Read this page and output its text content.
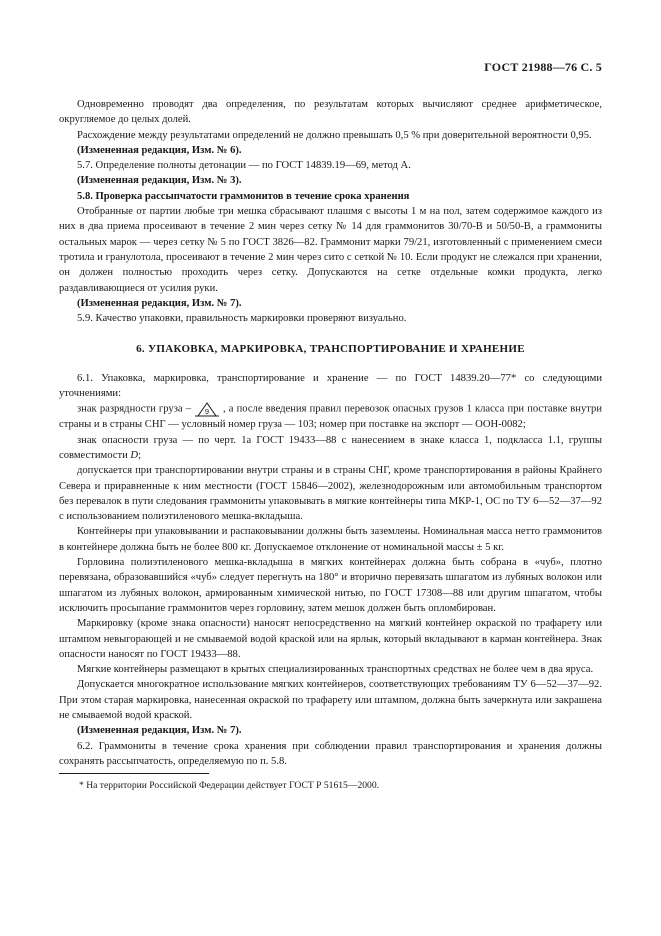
ГОСТ 21988—76 С. 5

Одновременно проводят два определения, по результатам которых вычисляют среднее арифметическое, округляемое до целых долей.

Расхождение между результатами определений не должно превышать 0,5 % при доверительной вероятности 0,95.

(Измененная редакция, Изм. № 6).

5.7. Определение полноты детонации — по ГОСТ 14839.19—69, метод А.

(Измененная редакция, Изм. № 3).

5.8. Проверка рассыпчатости граммонитов в течение срока хранения

Отобранные от партии любые три мешка сбрасывают плашмя с высоты 1 м на пол, затем содержимое каждого из них в два приема просеивают в течение 2 мин через сетку № 14 для граммонитов 30/70-В и 50/50-В, а граммониты остальных марок — через сетку № 5 по ГОСТ 3826—82. Граммонит марки 79/21, изготовленный с применением смеси тротила и гранулотола, просеивают в течение 2 мин через сито с сеткой № 10. Если продукт не слежался при хранении, он должен полностью проходить через сетку. Допускаются на сетке отдельные комки продукта, легко раздавливающиеся от усилия руки.

(Измененная редакция, Изм. № 7).

5.9. Качество упаковки, правильность маркировки проверяют визуально.

6. УПАКОВКА, МАРКИРОВКА, ТРАНСПОРТИРОВАНИЕ И ХРАНЕНИЕ

6.1. Упаковка, маркировка, транспортирование и хранение — по ГОСТ 14839.20—77* со следующими уточнениями:

знак разрядности груза – 9 , а после введения правил перевозок опасных грузов 1 класса при поставке внутри страны и в страны СНГ — условный номер груза — 103; номер при поставке на экспорт — ООН-0082;

знак опасности груза — по черт. 1а ГОСТ 19433—88 с нанесением в знаке класса 1, подкласса 1.1, группы совместимости D;

допускается при транспортировании внутри страны и в страны СНГ, кроме транспортирования в районы Крайнего Севера и приравненные к ним местности (ГОСТ 15846—2002), железнодорожным или автомобильным транспортом без перевалок в пути следования граммониты упаковывать в мягкие контейнеры типа МКР-1, ОС по ТУ 6—52—37—92 с использованием полиэтиленового мешка-вкладыша.

Контейнеры при упаковывании и распаковывании должны быть заземлены. Номинальная масса нетто граммонитов в контейнере должна быть не более 800 кг. Допускаемое отклонение от номинальной массы ± 5 кг.

Горловина полиэтиленового мешка-вкладыша в мягких контейнерах должна быть собрана в «чуб», плотно перевязана, образовавшийся «чуб» следует перегнуть на 180° и вторично перевязать шпагатом из лубяных волокон или шпагатом из лубяных волокон, армированным химической нитью, по ГОСТ 17308—88 или другим шпагатом, чтобы исключить просыпание граммонитов через горловину, затем мешок должен быть опломбирован.

Маркировку (кроме знака опасности) наносят непосредственно на мягкий контейнер окраской по трафарету или штампом невыгорающей и не смываемой водой краской или на ярлык, который вкладывают в карман контейнера. Знак опасности наносят по ГОСТ 19433—88.

Мягкие контейнеры размещают в крытых специализированных транспортных средствах не более чем в два яруса.

Допускается многократное использование мягких контейнеров, соответствующих требованиям ТУ 6—52—37—92. При этом старая маркировка, нанесенная окраской по трафарету или штампом, должна быть зачеркнута или закрашена не смываемой водой краской.

(Измененная редакция, Изм. № 7).

6.2. Граммониты в течение срока хранения при соблюдении правил транспортирования и хранения должны сохранять рассыпчатость, определяемую по п. 5.8.

* На территории Российской Федерации действует ГОСТ Р 51615—2000.
